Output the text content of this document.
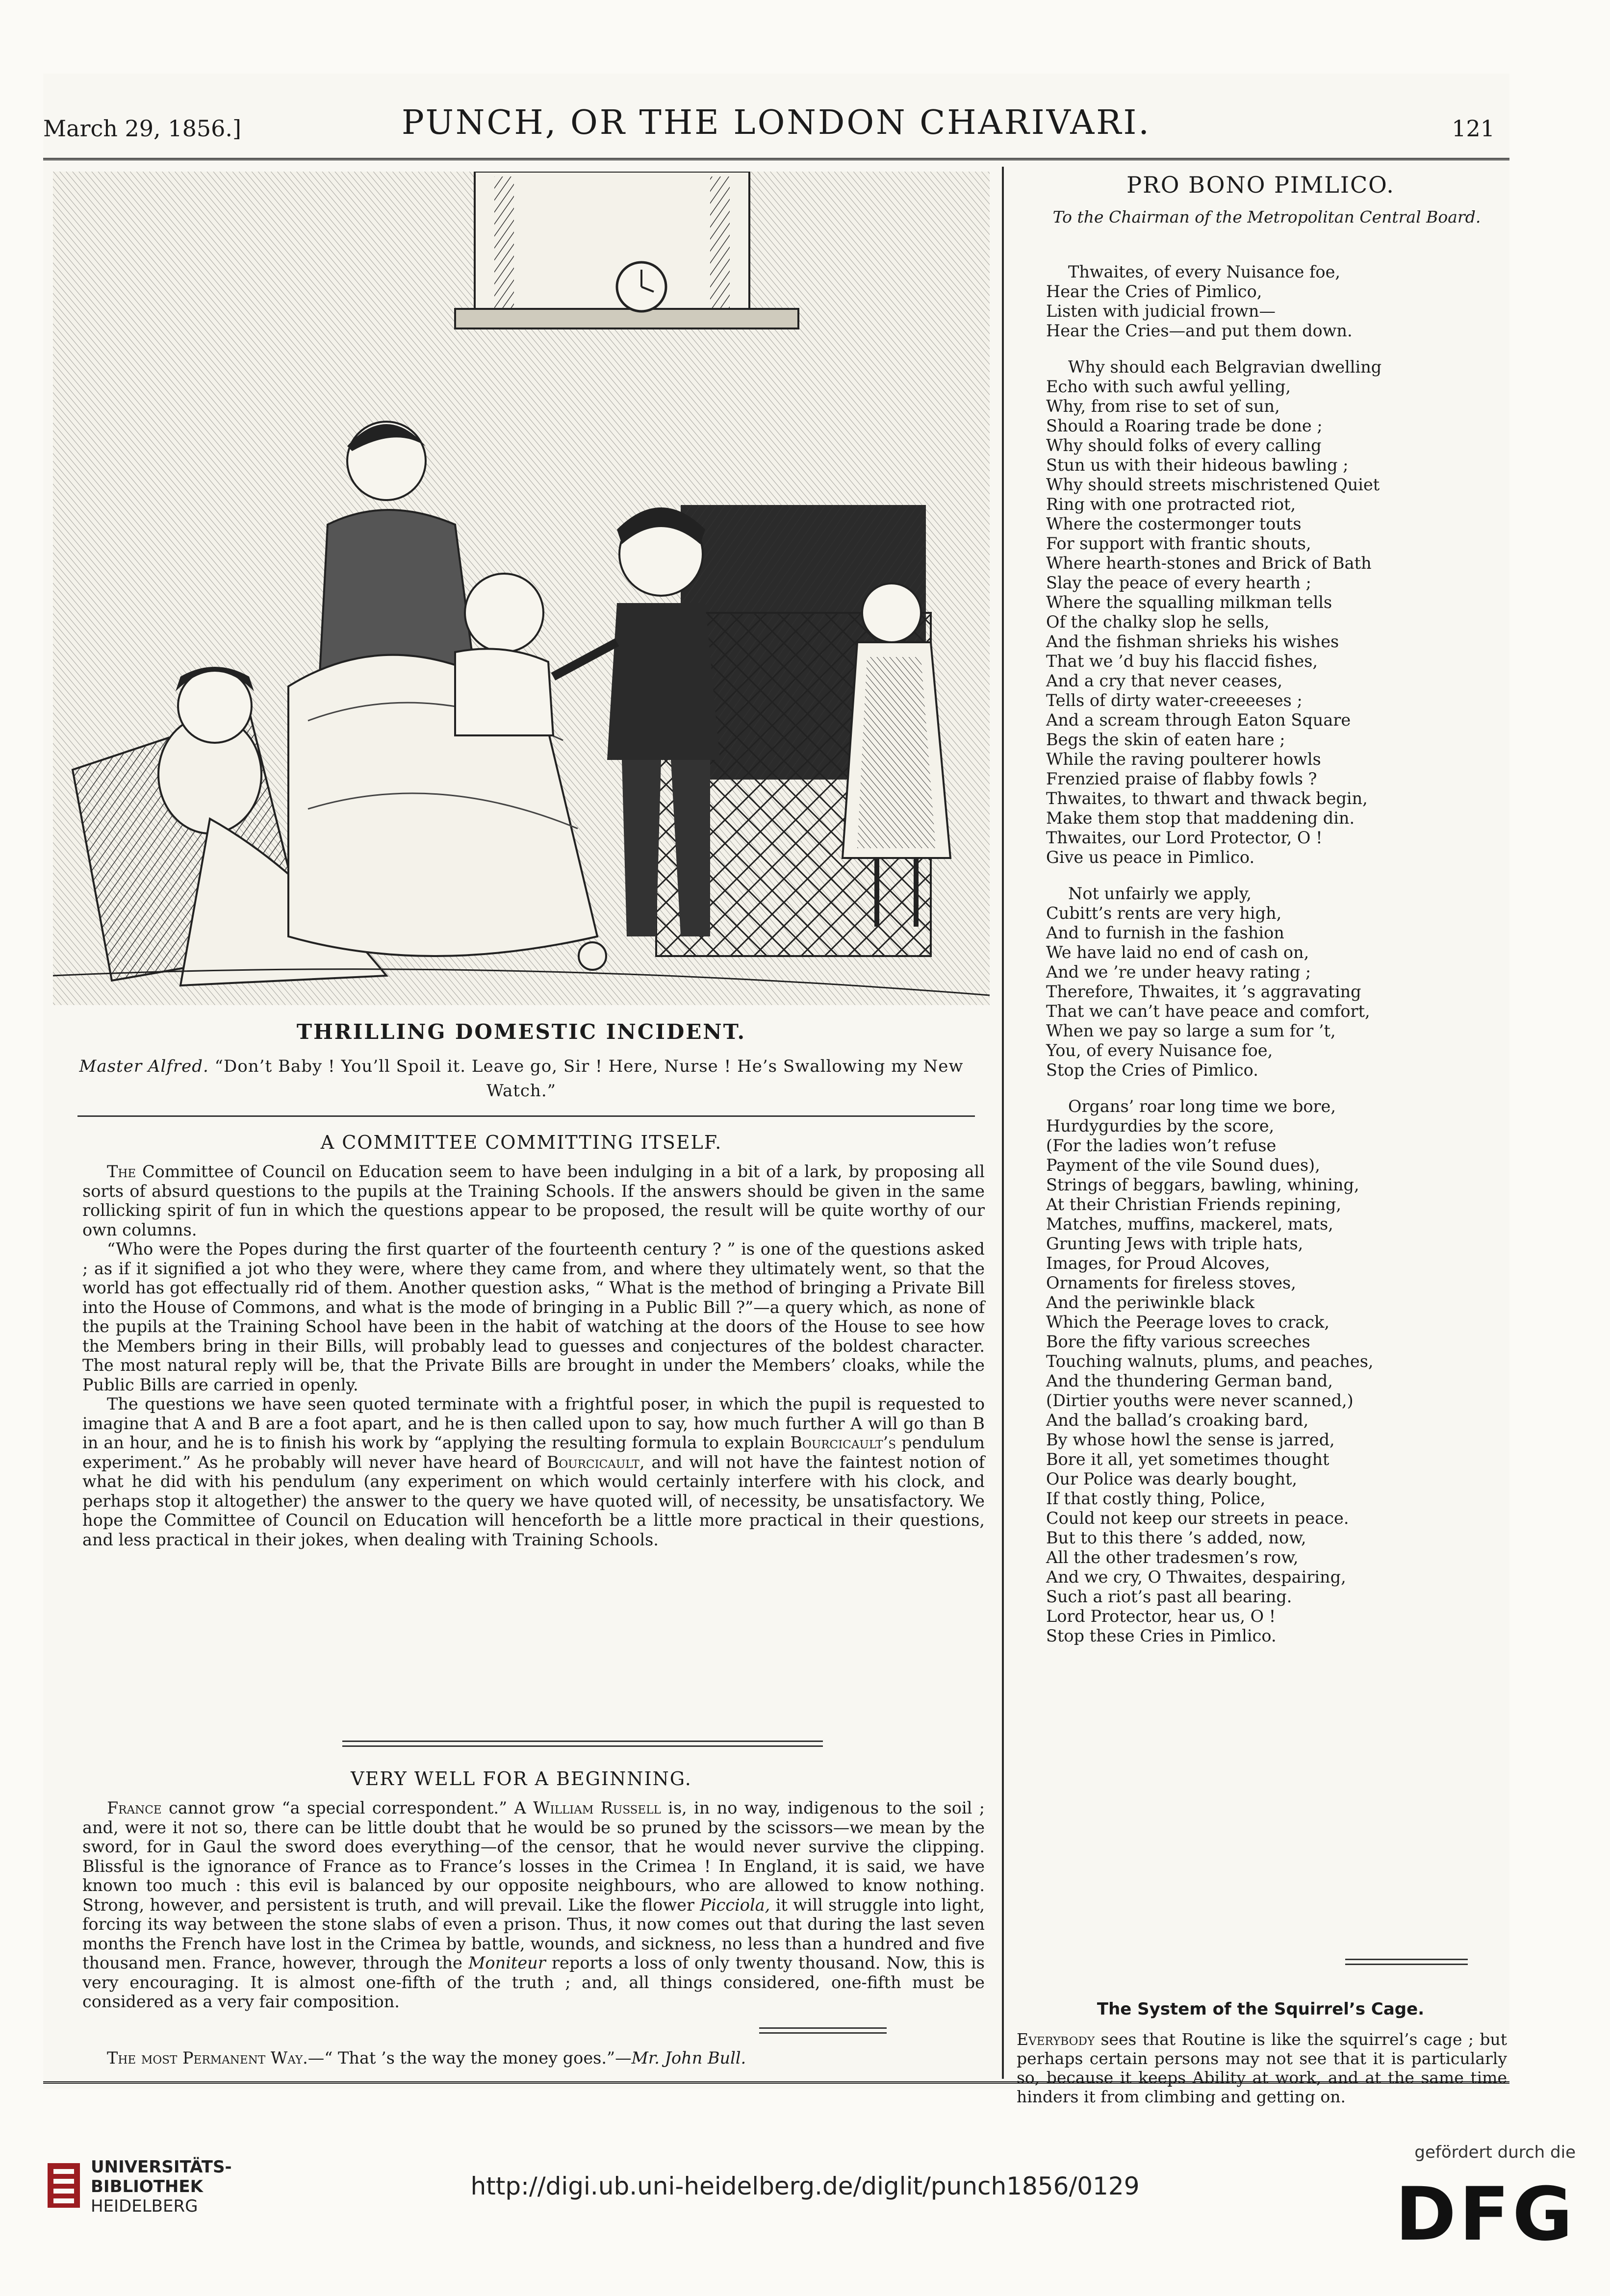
March 29, 1856.]	PUNCH, OR THE LONDON CHARIVARI.	121
THRILLING DOMESTIC INCIDENT.
Master Alfred. “Don’t Baby ! You’ll Spoil it. Leave go, Sir ! Here, Nurse ! He’s Swallowing my New Watch.”
A COMMITTEE COMMITTING ITSELF.

The Committee of Council on Education seem to have been indulging in a bit of a lark, by proposing all sorts of absurd questions to the pupils at the Training Schools. If the answers should be given in the same rollicking spirit of fun in which the questions appear to be proposed, the result will be quite worthy of our own columns.

“Who were the Popes during the first quarter of the fourteenth century ? ” is one of the questions asked ; as if it signified a jot who they were, where they came from, and where they ultimately went, so that the world has got effectually rid of them. Another question asks, “ What is the method of bringing a Private Bill into the House of Commons, and what is the mode of bringing in a Public Bill ?”—a query which, as none of the pupils at the Training School have been in the habit of watching at the doors of the House to see how the Members bring in their Bills, will probably lead to guesses and conjectures of the boldest character. The most natural reply will be, that the Private Bills are brought in under the Members’ cloaks, while the Public Bills are carried in openly.

The questions we have seen quoted terminate with a frightful poser, in which the pupil is requested to imagine that A and B are a foot apart, and he is then called upon to say, how much further A will go than B in an hour, and he is to finish his work by “applying the resulting formula to explain Bourcicault’s pendulum experiment.” As he probably will never have heard of Bourcicault, and will not have the faintest notion of what he did with his pendulum (any experiment on which would certainly interfere with his clock, and perhaps stop it altogether) the answer to the query we have quoted will, of necessity, be unsatisfactory. We hope the Committee of Council on Education will henceforth be a little more practical in their questions, and less practical in their jokes, when dealing with Training Schools.

VERY WELL FOR A BEGINNING.

France cannot grow “a special correspondent.” A William Russell is, in no way, indigenous to the soil ; and, were it not so, there can be little doubt that he would be so pruned by the scissors—we mean by the sword, for in Gaul the sword does everything—of the censor, that he would never survive the clipping. Blissful is the ignorance of France as to France’s losses in the Crimea ! In England, it is said, we have known too much : this evil is balanced by our opposite neighbours, who are allowed to know nothing. Strong, however, and persistent is truth, and will prevail. Like the flower Picciola, it will struggle into light, forcing its way between the stone slabs of even a prison. Thus, it now comes out that during the last seven months the French have lost in the Crimea by battle, wounds, and sickness, no less than a hundred and five thousand men. France, however, through the Moniteur reports a loss of only twenty thousand. Now, this is very encouraging. It is almost one-fifth of the truth ; and, all things considered, one-fifth must be considered as a very fair composition.

The most Permanent Way.—“ That ’s the way the money goes.”—Mr. John Bull.

PRO BONO PIMLICO.
To the Chairman of the Metropolitan Central Board.
Thwaites, of every Nuisance foe,
Hear the Cries of Pimlico,
Listen with judicial frown—
Hear the Cries—and put them down.
Why should each Belgravian dwelling
Echo with such awful yelling,
Why, from rise to set of sun,
Should a Roaring trade be done ;
Why should folks of every calling
Stun us with their hideous bawling ;
Why should streets mischristened Quiet
Ring with one protracted riot,
Where the costermonger touts
For support with frantic shouts,
Where hearth-stones and Brick of Bath
Slay the peace of every hearth ;
Where the squalling milkman tells
Of the chalky slop he sells,
And the fishman shrieks his wishes
That we ’d buy his flaccid fishes,
And a cry that never ceases,
Tells of dirty water-creeeeses ;
And a scream through Eaton Square
Begs the skin of eaten hare ;
While the raving poulterer howls
Frenzied praise of flabby fowls ?
Thwaites, to thwart and thwack begin,
Make them stop that maddening din.
Thwaites, our Lord Protector, O !
Give us peace in Pimlico.
Not unfairly we apply,
Cubitt’s rents are very high,
And to furnish in the fashion
We have laid no end of cash on,
And we ’re under heavy rating ;
Therefore, Thwaites, it ’s aggravating
That we can’t have peace and comfort,
When we pay so large a sum for ’t,
You, of every Nuisance foe,
Stop the Cries of Pimlico.
Organs’ roar long time we bore,
Hurdygurdies by the score,
(For the ladies won’t refuse
Payment of the vile Sound dues),
Strings of beggars, bawling, whining,
At their Christian Friends repining,
Matches, muffins, mackerel, mats,
Grunting Jews with triple hats,
Images, for Proud Alcoves,
Ornaments for fireless stoves,
And the periwinkle black
Which the Peerage loves to crack,
Bore the fifty various screeches
Touching walnuts, plums, and peaches,
And the thundering German band,
(Dirtier youths were never scanned,)
And the ballad’s croaking bard,
By whose howl the sense is jarred,
Bore it all, yet sometimes thought
Our Police was dearly bought,
If that costly thing, Police,
Could not keep our streets in peace.
But to this there ’s added, now,
All the other tradesmen’s row,
And we cry, O Thwaites, despairing,
Such a riot’s past all bearing.
Lord Protector, hear us, O !
Stop these Cries in Pimlico.
The System of the Squirrel’s Cage.
Everybody sees that Routine is like the squirrel’s cage ; but perhaps certain persons may not see that it is particularly so, because it keeps Ability at work, and at the same time hinders it from climbing and getting on.
UNIVERSITÄTS-
BIBLIOTHEK
HEIDELBERG
http://digi.ub.uni-heidelberg.de/diglit/punch1856/0129
gefördert durch die
DFG
